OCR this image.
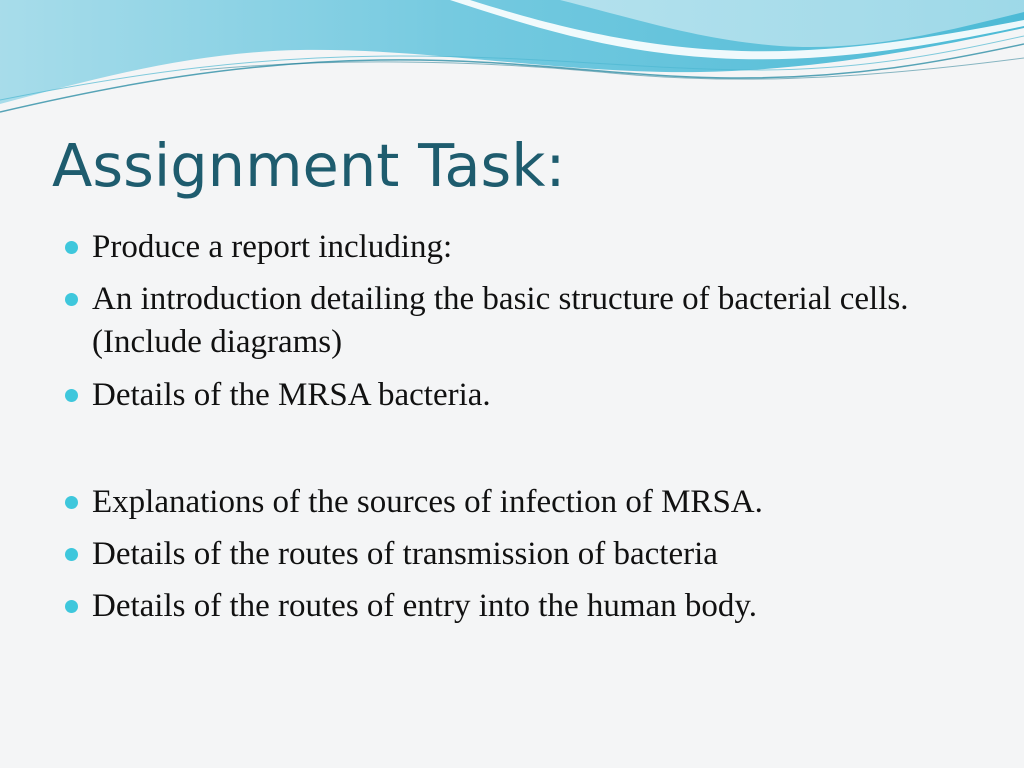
Assignment Task:
Produce a report including:
An introduction detailing the basic structure of bacterial cells. (Include diagrams)
Details of the MRSA bacteria.
Explanations of the sources of infection of MRSA.
Details of the routes of transmission of bacteria
Details of the routes of entry into the human body.
